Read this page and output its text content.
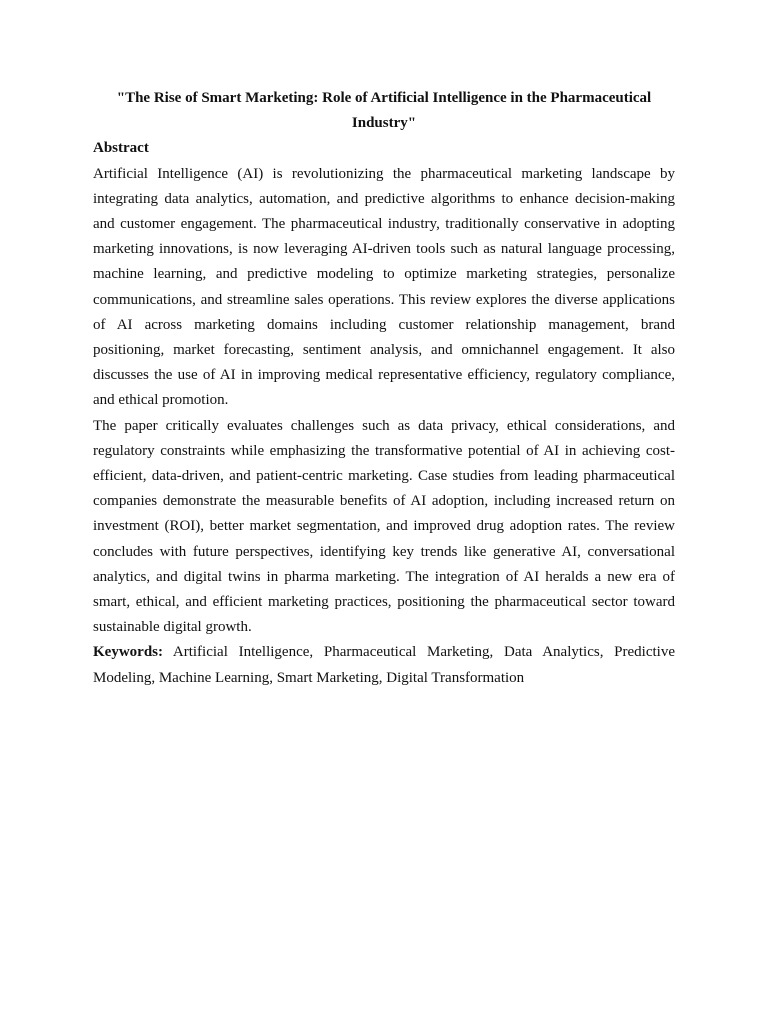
"The Rise of Smart Marketing: Role of Artificial Intelligence in the Pharmaceutical Industry"

Abstract

Artificial Intelligence (AI) is revolutionizing the pharmaceutical marketing landscape by integrating data analytics, automation, and predictive algorithms to enhance decision-making and customer engagement. The pharmaceutical industry, traditionally conservative in adopting marketing innovations, is now leveraging AI-driven tools such as natural language processing, machine learning, and predictive modeling to optimize marketing strategies, personalize communications, and streamline sales operations. This review explores the diverse applications of AI across marketing domains including customer relationship management, brand positioning, market forecasting, sentiment analysis, and omnichannel engagement. It also discusses the use of AI in improving medical representative efficiency, regulatory compliance, and ethical promotion.

The paper critically evaluates challenges such as data privacy, ethical considerations, and regulatory constraints while emphasizing the transformative potential of AI in achieving cost-efficient, data-driven, and patient-centric marketing. Case studies from leading pharmaceutical companies demonstrate the measurable benefits of AI adoption, including increased return on investment (ROI), better market segmentation, and improved drug adoption rates. The review concludes with future perspectives, identifying key trends like generative AI, conversational analytics, and digital twins in pharma marketing. The integration of AI heralds a new era of smart, ethical, and efficient marketing practices, positioning the pharmaceutical sector toward sustainable digital growth.

Keywords: Artificial Intelligence, Pharmaceutical Marketing, Data Analytics, Predictive Modeling, Machine Learning, Smart Marketing, Digital Transformation
